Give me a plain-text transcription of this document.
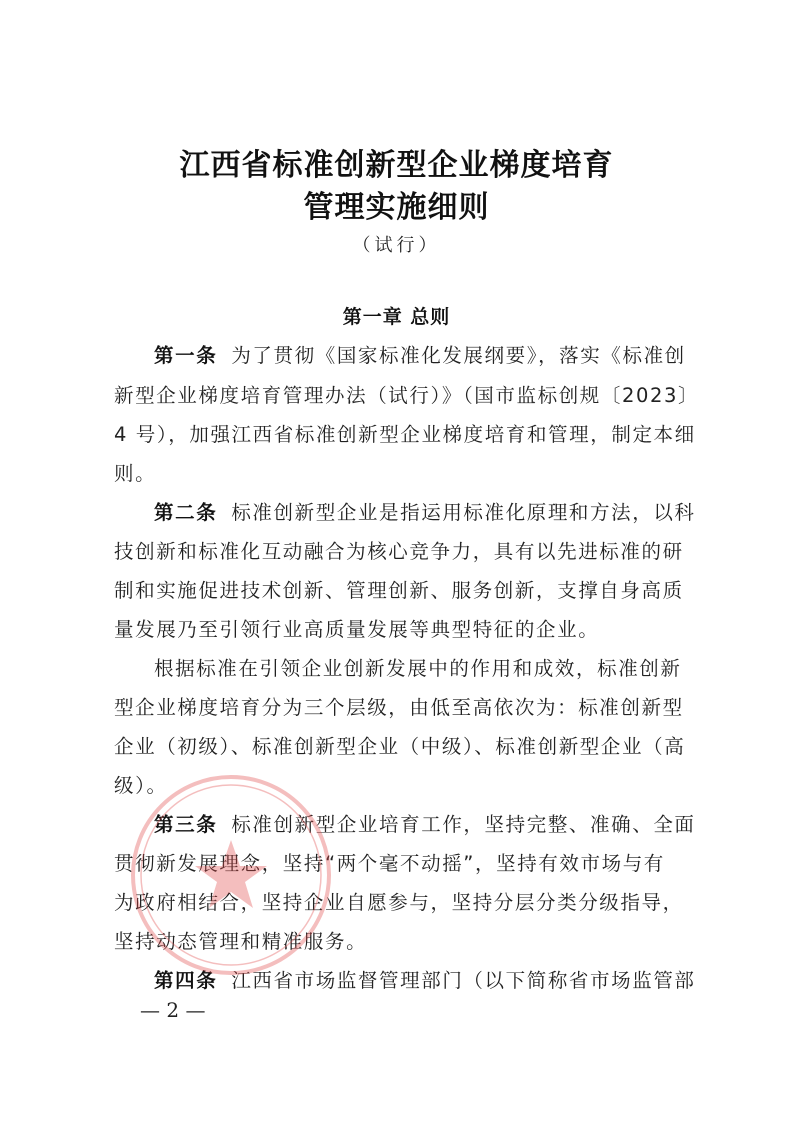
江西省标准创新型企业梯度培育
管理实施细则
（试行）
第一章 总则
第一条 为了贯彻《国家标准化发展纲要》，落实《标准创
新型企业梯度培育管理办法（试行）》（国市监标创规〔2023〕
4 号），加强江西省标准创新型企业梯度培育和管理，制定本细
则。
第二条 标准创新型企业是指运用标准化原理和方法，以科
技创新和标准化互动融合为核心竞争力，具有以先进标准的研
制和实施促进技术创新、管理创新、服务创新，支撑自身高质
量发展乃至引领行业高质量发展等典型特征的企业。
根据标准在引领企业创新发展中的作用和成效，标准创新
型企业梯度培育分为三个层级，由低至高依次为：标准创新型
企业（初级）、标准创新型企业（中级）、标准创新型企业（高
级）。
第三条 标准创新型企业培育工作，坚持完整、准确、全面
贯彻新发展理念，坚持“两个毫不动摇”，坚持有效市场与有
为政府相结合，坚持企业自愿参与，坚持分层分类分级指导，
坚持动态管理和精准服务。
第四条 江西省市场监督管理部门（以下简称省市场监管部
— 2 —
